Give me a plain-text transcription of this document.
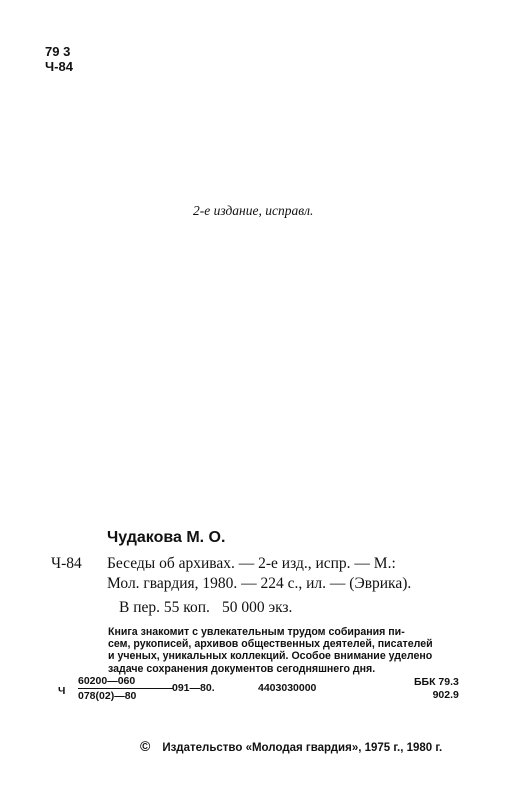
79 3
Ч-84
2-е издание, исправл.
Чудакова М. О.
Ч-84 Беседы об архивах. — 2-е изд., испр. — М.:
Мол. гвардия, 1980. — 224 с., ил. — (Эврика).
В пер. 55 коп. 50 000 экз.
Книга знакомит с увлекательным трудом собирания пи-
сем, рукописей, архивов общественных деятелей, писателей
и ученых, уникальных коллекций. Особое внимание уделено
задаче сохранения документов сегодняшнего дня.
Ч $\frac{60200—060}{078(02)—80}$ 091—80.	4403030000	ББК 79.3
902.9
© Издательство «Молодая гвардия», 1975 г., 1980 г.
